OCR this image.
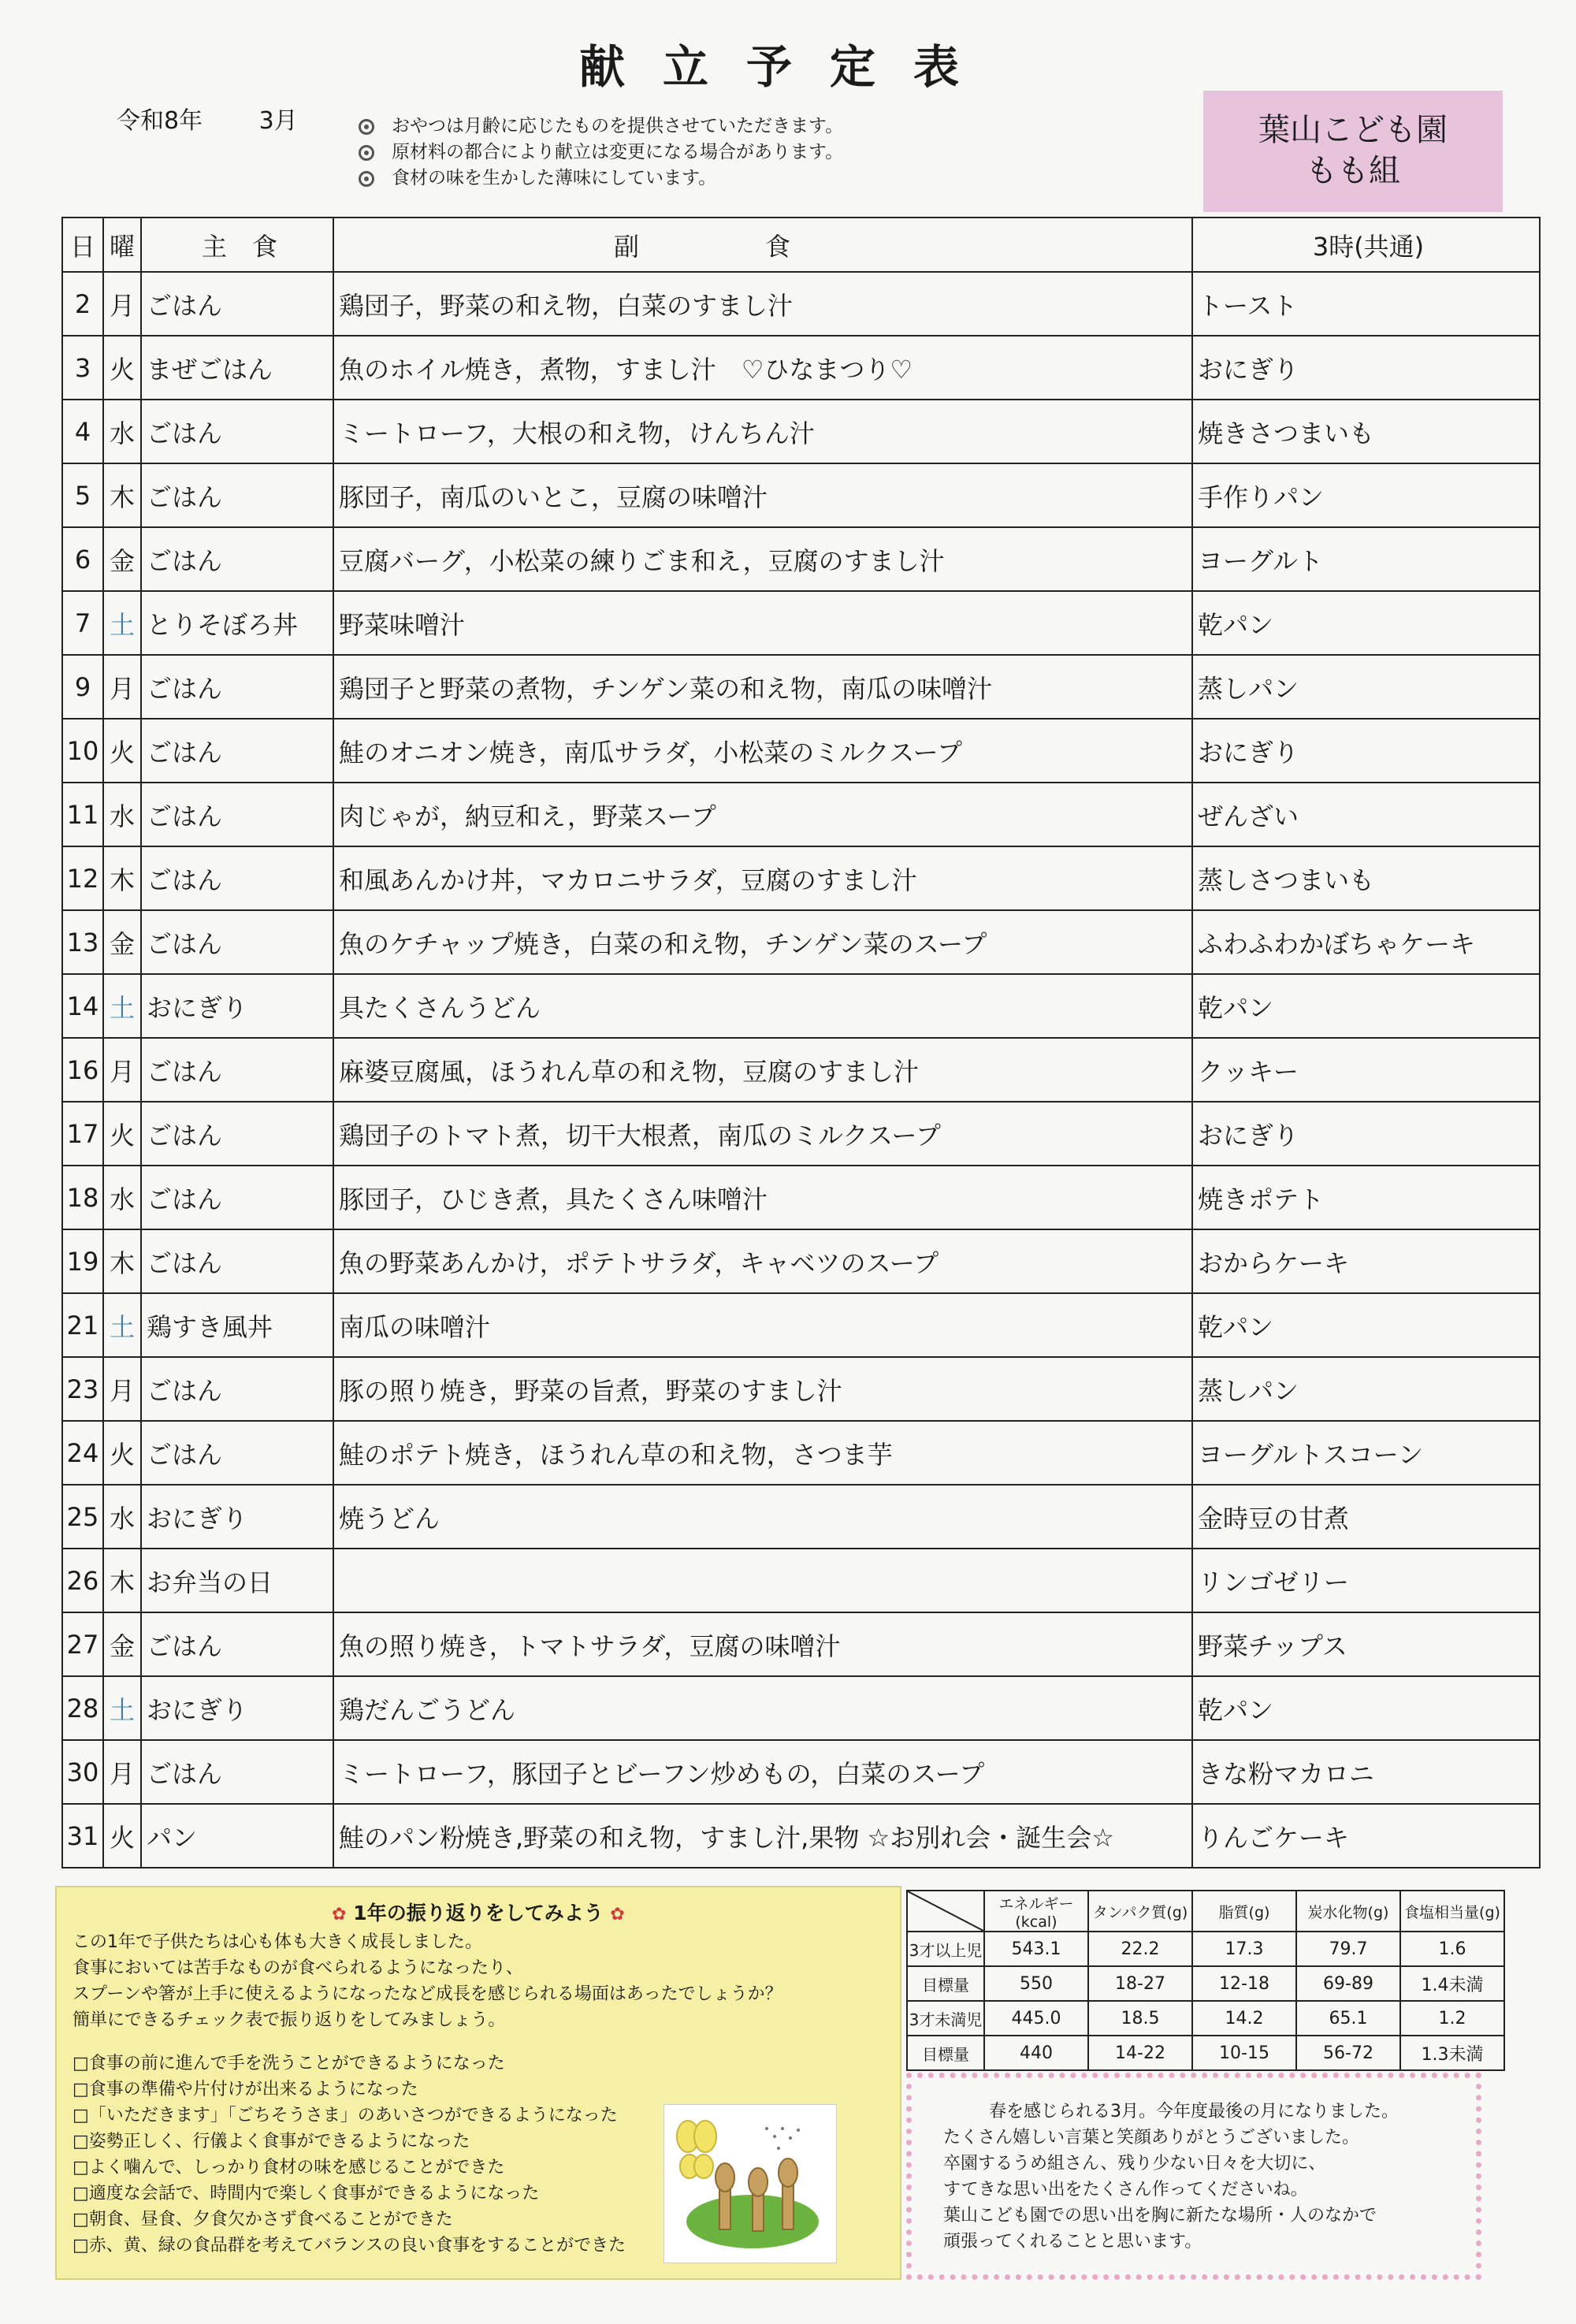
献立予定表
令和8年 3月	おやつは月齢に応じたものを提供させていただきます。
原材料の都合により献立は変更になる場合があります。
食材の味を生かした薄味にしています。
葉山こども園
もも組
日	曜	主　食	副食	3時(共通)
2	月	ごはん	鶏団子，野菜の和え物，白菜のすまし汁	トースト
3	火	まぜごはん	魚のホイル焼き，煮物，すまし汁　♡ひなまつり♡	おにぎり
4	水	ごはん	ミートローフ，大根の和え物，けんちん汁	焼きさつまいも
5	木	ごはん	豚団子，南瓜のいとこ，豆腐の味噌汁	手作りパン
6	金	ごはん	豆腐バーグ，小松菜の練りごま和え，豆腐のすまし汁	ヨーグルト
7	土	とりそぼろ丼	野菜味噌汁	乾パン
9	月	ごはん	鶏団子と野菜の煮物，チンゲン菜の和え物，南瓜の味噌汁	蒸しパン
10	火	ごはん	鮭のオニオン焼き，南瓜サラダ，小松菜のミルクスープ	おにぎり
11	水	ごはん	肉じゃが，納豆和え，野菜スープ	ぜんざい
12	木	ごはん	和風あんかけ丼，マカロニサラダ，豆腐のすまし汁	蒸しさつまいも
13	金	ごはん	魚のケチャップ焼き，白菜の和え物，チンゲン菜のスープ	ふわふわかぼちゃケーキ
14	土	おにぎり	具たくさんうどん	乾パン
16	月	ごはん	麻婆豆腐風，ほうれん草の和え物，豆腐のすまし汁	クッキー
17	火	ごはん	鶏団子のトマト煮，切干大根煮，南瓜のミルクスープ	おにぎり
18	水	ごはん	豚団子，ひじき煮，具たくさん味噌汁	焼きポテト
19	木	ごはん	魚の野菜あんかけ，ポテトサラダ，キャベツのスープ	おからケーキ
21	土	鶏すき風丼	南瓜の味噌汁	乾パン
23	月	ごはん	豚の照り焼き，野菜の旨煮，野菜のすまし汁	蒸しパン
24	火	ごはん	鮭のポテト焼き，ほうれん草の和え物，さつま芋	ヨーグルトスコーン
25	水	おにぎり	焼うどん	金時豆の甘煮
26	木	お弁当の日		リンゴゼリー
27	金	ごはん	魚の照り焼き，トマトサラダ，豆腐の味噌汁	野菜チップス
28	土	おにぎり	鶏だんごうどん	乾パン
30	月	ごはん	ミートローフ，豚団子とビーフン炒めもの，白菜のスープ	きな粉マカロニ
31	火	パン	鮭のパン粉焼き,野菜の和え物，すまし汁,果物 ☆お別れ会・誕生会☆	りんごケーキ
✿ 1年の振り返りをしてみよう ✿
この1年で子供たちは心も体も大きく成長しました。
食事においては苦手なものが食べられるようになったり、
スプーンや箸が上手に使えるようになったなど成長を感じられる場面はあったでしょうか？
簡単にできるチェック表で振り返りをしてみましょう。
□食事の前に進んで手を洗うことができるようになった
□食事の準備や片付けが出来るようになった
□「いただきます」「ごちそうさま」のあいさつができるようになった
□姿勢正しく、行儀よく食事ができるようになった
□よく噛んで、しっかり食材の味を感じることができた
□適度な会話で、時間内で楽しく食事ができるようになった
□朝食、昼食、夕食欠かさず食べることができた
□赤、黄、緑の食品群を考えてバランスの良い食事をすることができた
	エネルギー(kcal)	タンパク質(g)	脂質(g)	炭水化物(g)	食塩相当量(g)
3才以上児	543.1	22.2	17.3	79.7	1.6
目標量	550	18-27	12-18	69-89	1.4未満
3才未満児	445.0	18.5	14.2	65.1	1.2
目標量	440	14-22	10-15	56-72	1.3未満

春を感じられる3月。今年度最後の月になりました。

たくさん嬉しい言葉と笑顔ありがとうございました。

卒園するうめ組さん、残り少ない日々を大切に、

すてきな思い出をたくさん作ってくださいね。

葉山こども園での思い出を胸に新たな場所・人のなかで

頑張ってくれることと思います。
